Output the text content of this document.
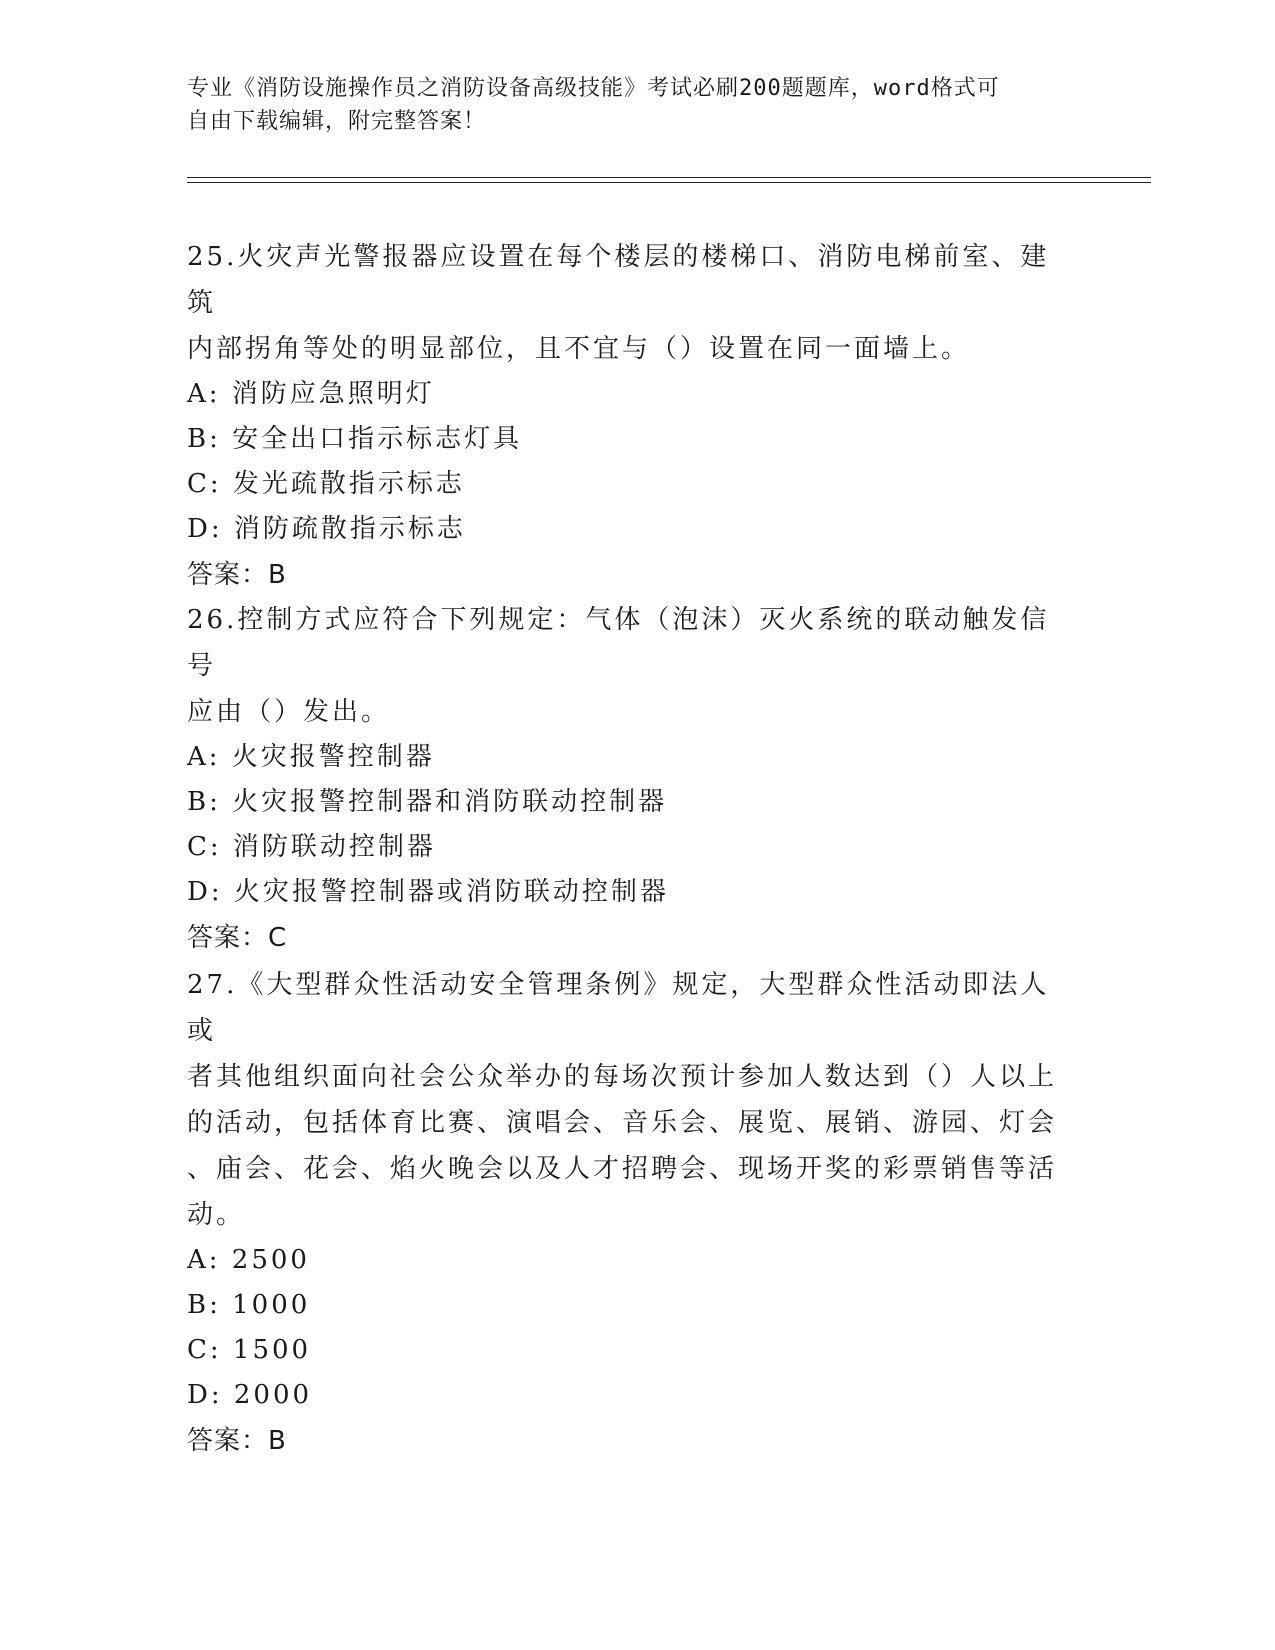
专业《消防设施操作员之消防设备高级技能》考试必刷200题题库，word格式可
自由下载编辑，附完整答案！
25.火灾声光警报器应设置在每个楼层的楼梯口、消防电梯前室、建筑
内部拐角等处的明显部位，且不宜与（）设置在同一面墙上。
A: 消防应急照明灯
B: 安全出口指示标志灯具
C: 发光疏散指示标志
D: 消防疏散指示标志
答案：B
26.控制方式应符合下列规定：气体（泡沫）灭火系统的联动触发信号
应由（）发出。
A: 火灾报警控制器
B: 火灾报警控制器和消防联动控制器
C: 消防联动控制器
D: 火灾报警控制器或消防联动控制器
答案：C
27.《大型群众性活动安全管理条例》规定，大型群众性活动即法人或
者其他组织面向社会公众举办的每场次预计参加人数达到（）人以上
的活动，包括体育比赛、演唱会、音乐会、展览、展销、游园、灯会
、庙会、花会、焰火晚会以及人才招聘会、现场开奖的彩票销售等活
动。
A: 2500
B: 1000
C: 1500
D: 2000
答案：B
